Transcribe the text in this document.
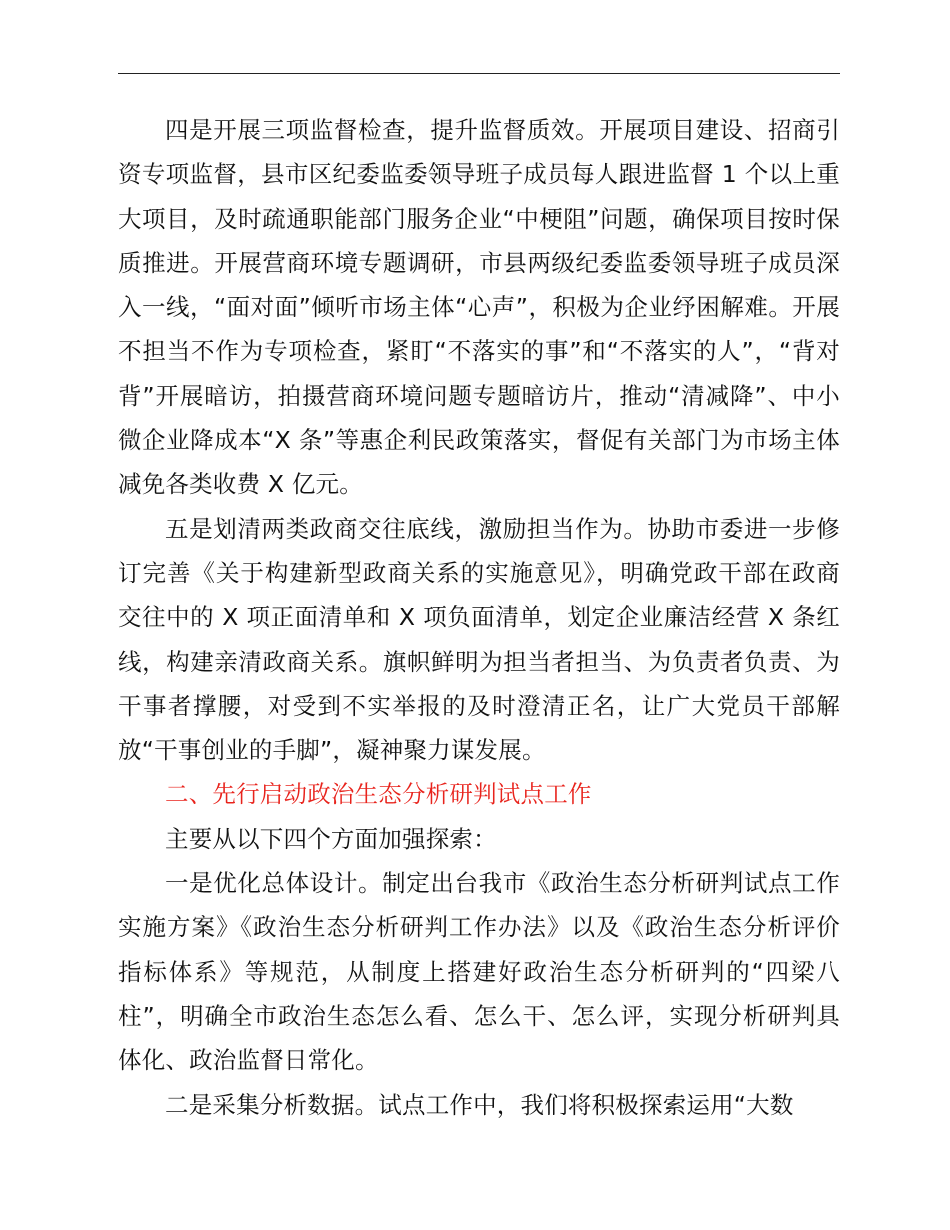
四是开展三项监督检查，提升监督质效。开展项目建设、招商引资专项监督，县市区纪委监委领导班子成员每人跟进监督 1 个以上重大项目，及时疏通职能部门服务企业“中梗阻”问题，确保项目按时保质推进。开展营商环境专题调研，市县两级纪委监委领导班子成员深入一线，“面对面”倾听市场主体“心声”，积极为企业纾困解难。开展不担当不作为专项检查，紧盯“不落实的事”和“不落实的人”，“背对背”开展暗访，拍摄营商环境问题专题暗访片，推动“清减降”、中小微企业降成本“X 条”等惠企利民政策落实，督促有关部门为市场主体减免各类收费 X 亿元。

五是划清两类政商交往底线，激励担当作为。协助市委进一步修订完善《关于构建新型政商关系的实施意见》，明确党政干部在政商交往中的 X 项正面清单和 X 项负面清单，划定企业廉洁经营 X 条红线，构建亲清政商关系。旗帜鲜明为担当者担当、为负责者负责、为干事者撑腰，对受到不实举报的及时澄清正名，让广大党员干部解放“干事创业的手脚”，凝神聚力谋发展。

二、先行启动政治生态分析研判试点工作

主要从以下四个方面加强探索：

一是优化总体设计。制定出台我市《政治生态分析研判试点工作实施方案》《政治生态分析研判工作办法》以及《政治生态分析评价指标体系》等规范，从制度上搭建好政治生态分析研判的“四梁八柱”，明确全市政治生态怎么看、怎么干、怎么评，实现分析研判具体化、政治监督日常化。

二是采集分析数据。试点工作中，我们将积极探索运用“大数
